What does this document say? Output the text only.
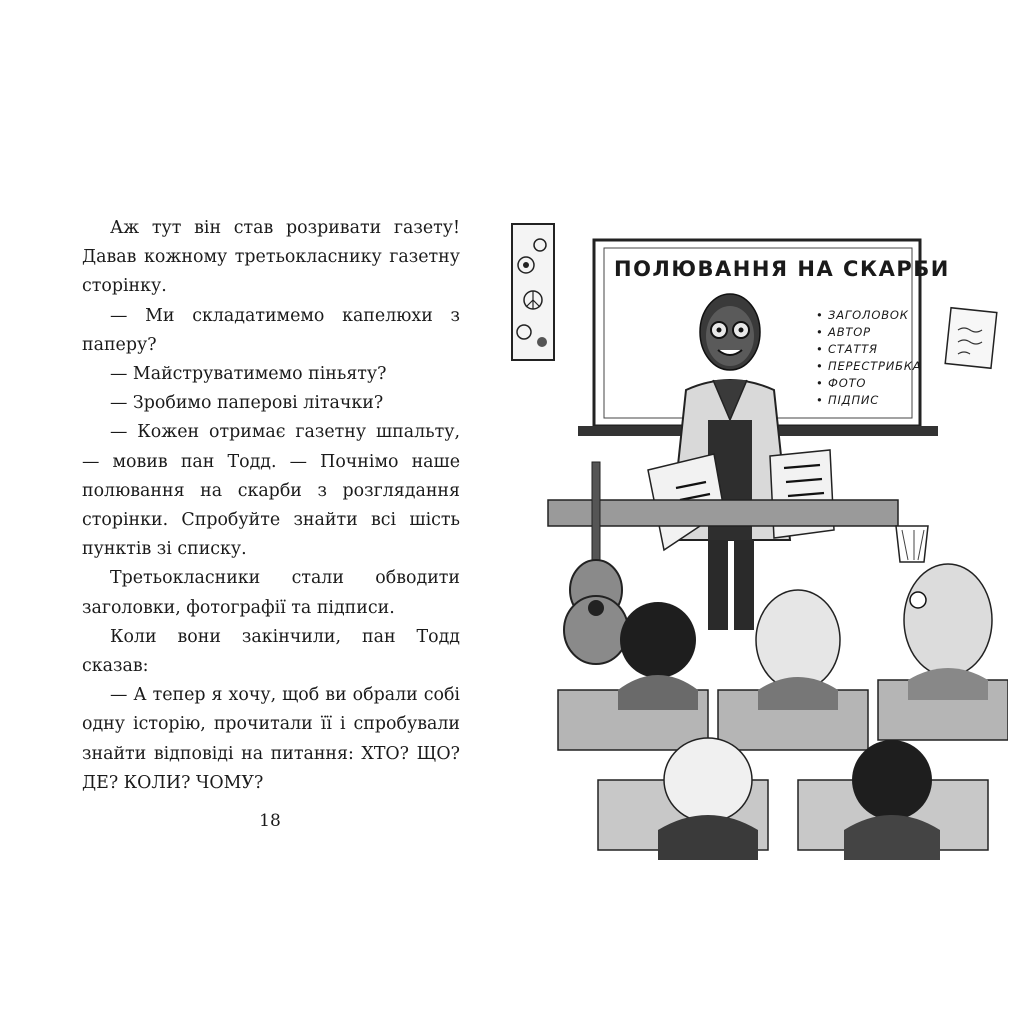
Аж тут він став розривати газету! Давав кожному третьокласнику газетну сторінку.

— Ми складатимемо капелюхи з паперу?

— Майструватимемо піньяту?

— Зробимо паперові літачки?

— Кожен отримає газетну шпальту, — мовив пан Тодд. — Почнімо наше полювання на скарби з розглядання сторінки. Спробуйте знайти всі шість пунктів зі списку.

Третьокласники стали обводити заголовки, фотографії та підписи.

Коли вони закінчили, пан Тодд сказав:

— А тепер я хочу, щоб ви обрали собі одну історію, прочитали її і спробували знайти відповіді на питання: ХТО? ЩО? ДЕ? КОЛИ? ЧОМУ?

18
ПОЛЮВАННЯ НА СКАРБИ
• ЗАГОЛОВОК
• АВТОР
• СТАТТЯ
• ПЕРЕСТРИБКА
• ФОТО
• ПІДПИС
